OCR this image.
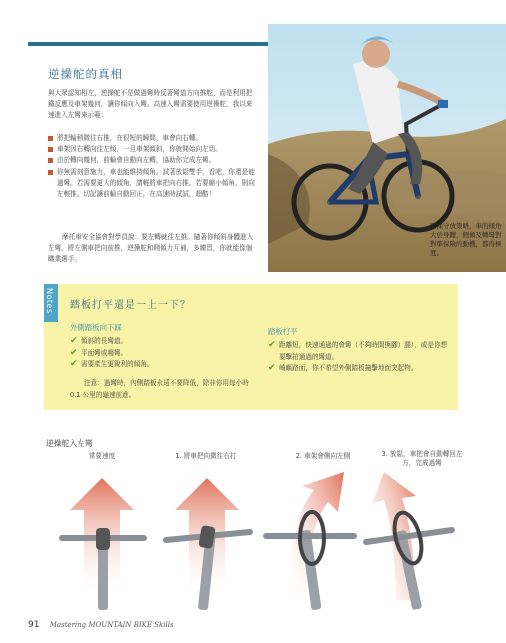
雖保守放策略，車的傾角大於身體，側傾及轉彎對對準保險的動機，都得極度。
逆操舵的真相

與大眾認知相左，逆操舵不是做過彎時反著彎道方向推舵，而是利用把鐵反應及車架幾何，讓你傾向入彎。高速入彎需要使用逆操舵，我以來速進入左彎來示範：

將把輪稍微往右推，在很短的瞬間，車會向右轉。
車架因右轉向往左傾，一旦車架傾斜，你就開始向左切。
由於轉向幾何，前輪會自動向左轉，協助你完成左彎。
你無需刻意施力，車也能維持傾角。試著放鬆雙手，看吧，你還是能過彎。若需要更大的傾角，請輕將車把向右推。若要縮小傾角，則向左輕推。切記讓前輪自動回正，在高速時試試，超酷！

摩托車安全協會對學員說：要左轉就往左推。隨著你傾斜身體進入左彎，將左側車把向前推，逆操舵和側傾力互補，多練習，你就能像個職業選手。

Notes 踏板打平還是一上一下？
外側踏板向下踩
✔ 傾斜的長彎道。
✔ 平面彎或趨彎。
✔ 需要產生更銳利的傾角。

注意：過彎時，內側踏板永遠不要降低，除非你用每小時 0.1 公里的龜速前進。

踏板打平
✔ 距離短，快速通過的會彎（不夠時間換腳）腿），或是你想要擊拍通過的彎道。
✔ 崎嶇路面，你不希望外側踏板撞擊地面突起物。
逆操舵入左彎
常要速度	1. 將車把向微往右打	2. 車架會側向左側	3. 放鬆，車把會自動轉回左方，完成過彎
91 Mastering MOUNTAIN BIKE Skills
